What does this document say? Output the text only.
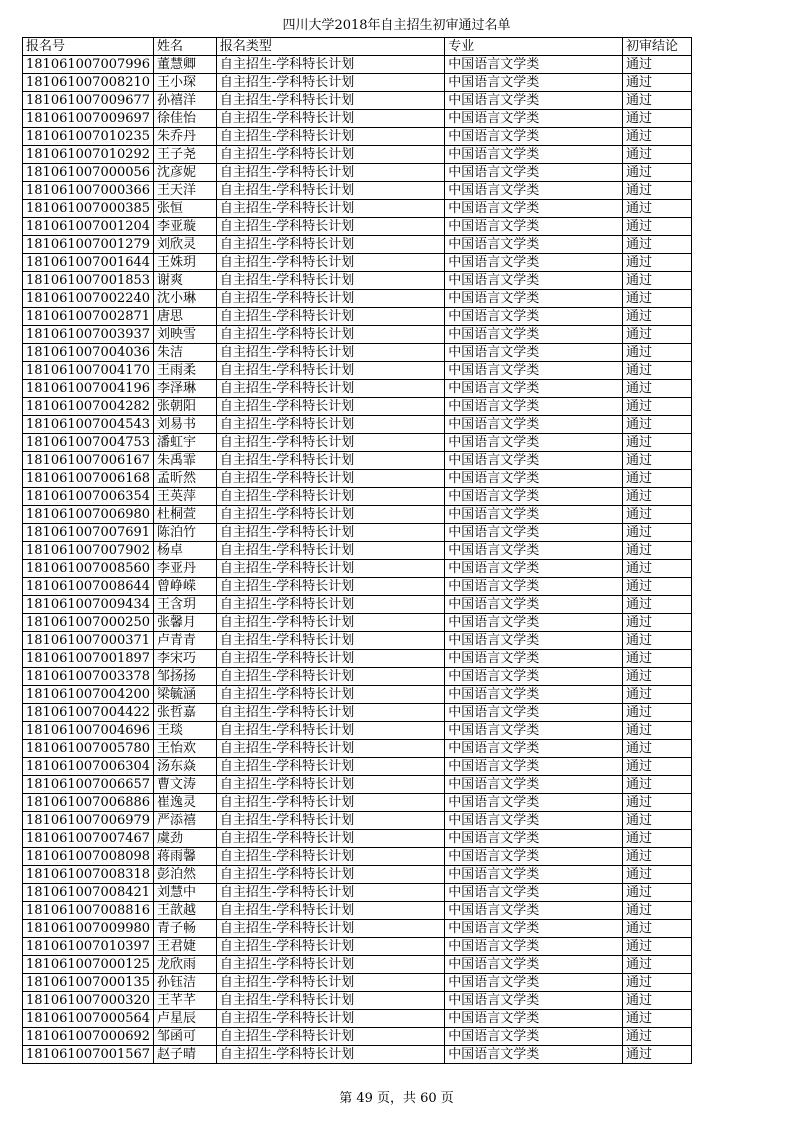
四川大学2018年自主招生初审通过名单
报名号	姓名	报名类型	专业	初审结论
181061007007996	董慧卿	自主招生-学科特长计划	中国语言文学类	通过
181061007008210	王小琛	自主招生-学科特长计划	中国语言文学类	通过
181061007009677	孙禧洋	自主招生-学科特长计划	中国语言文学类	通过
181061007009697	徐佳怡	自主招生-学科特长计划	中国语言文学类	通过
181061007010235	朱乔丹	自主招生-学科特长计划	中国语言文学类	通过
181061007010292	王子尧	自主招生-学科特长计划	中国语言文学类	通过
181061007000056	沈彦妮	自主招生-学科特长计划	中国语言文学类	通过
181061007000366	王天洋	自主招生-学科特长计划	中国语言文学类	通过
181061007000385	张恒	自主招生-学科特长计划	中国语言文学类	通过
181061007001204	李亚璇	自主招生-学科特长计划	中国语言文学类	通过
181061007001279	刘欣灵	自主招生-学科特长计划	中国语言文学类	通过
181061007001644	王姝玥	自主招生-学科特长计划	中国语言文学类	通过
181061007001853	谢爽	自主招生-学科特长计划	中国语言文学类	通过
181061007002240	沈小琳	自主招生-学科特长计划	中国语言文学类	通过
181061007002871	唐思	自主招生-学科特长计划	中国语言文学类	通过
181061007003937	刘映雪	自主招生-学科特长计划	中国语言文学类	通过
181061007004036	朱洁	自主招生-学科特长计划	中国语言文学类	通过
181061007004170	王雨柔	自主招生-学科特长计划	中国语言文学类	通过
181061007004196	李泽琳	自主招生-学科特长计划	中国语言文学类	通过
181061007004282	张朝阳	自主招生-学科特长计划	中国语言文学类	通过
181061007004543	刘易书	自主招生-学科特长计划	中国语言文学类	通过
181061007004753	潘虹宇	自主招生-学科特长计划	中国语言文学类	通过
181061007006167	朱禹霏	自主招生-学科特长计划	中国语言文学类	通过
181061007006168	孟昕然	自主招生-学科特长计划	中国语言文学类	通过
181061007006354	王英萍	自主招生-学科特长计划	中国语言文学类	通过
181061007006980	杜桐萱	自主招生-学科特长计划	中国语言文学类	通过
181061007007691	陈泊竹	自主招生-学科特长计划	中国语言文学类	通过
181061007007902	杨卓	自主招生-学科特长计划	中国语言文学类	通过
181061007008560	李亚丹	自主招生-学科特长计划	中国语言文学类	通过
181061007008644	曾峥嵘	自主招生-学科特长计划	中国语言文学类	通过
181061007009434	王含玥	自主招生-学科特长计划	中国语言文学类	通过
181061007000250	张馨月	自主招生-学科特长计划	中国语言文学类	通过
181061007000371	卢青青	自主招生-学科特长计划	中国语言文学类	通过
181061007001897	李宋巧	自主招生-学科特长计划	中国语言文学类	通过
181061007003378	邹扬扬	自主招生-学科特长计划	中国语言文学类	通过
181061007004200	梁毓涵	自主招生-学科特长计划	中国语言文学类	通过
181061007004422	张哲嘉	自主招生-学科特长计划	中国语言文学类	通过
181061007004696	王琰	自主招生-学科特长计划	中国语言文学类	通过
181061007005780	王怡欢	自主招生-学科特长计划	中国语言文学类	通过
181061007006304	汤东焱	自主招生-学科特长计划	中国语言文学类	通过
181061007006657	曹文涛	自主招生-学科特长计划	中国语言文学类	通过
181061007006886	崔逸灵	自主招生-学科特长计划	中国语言文学类	通过
181061007006979	严添禧	自主招生-学科特长计划	中国语言文学类	通过
181061007007467	虞劲	自主招生-学科特长计划	中国语言文学类	通过
181061007008098	蒋雨馨	自主招生-学科特长计划	中国语言文学类	通过
181061007008318	彭泊然	自主招生-学科特长计划	中国语言文学类	通过
181061007008421	刘慧中	自主招生-学科特长计划	中国语言文学类	通过
181061007008816	王歆越	自主招生-学科特长计划	中国语言文学类	通过
181061007009980	青子畅	自主招生-学科特长计划	中国语言文学类	通过
181061007010397	王君婕	自主招生-学科特长计划	中国语言文学类	通过
181061007000125	龙欣雨	自主招生-学科特长计划	中国语言文学类	通过
181061007000135	孙钰洁	自主招生-学科特长计划	中国语言文学类	通过
181061007000320	王芊芊	自主招生-学科特长计划	中国语言文学类	通过
181061007000564	卢星辰	自主招生-学科特长计划	中国语言文学类	通过
181061007000692	邹函可	自主招生-学科特长计划	中国语言文学类	通过
181061007001567	赵子晴	自主招生-学科特长计划	中国语言文学类	通过
第 49 页，共 60 页
